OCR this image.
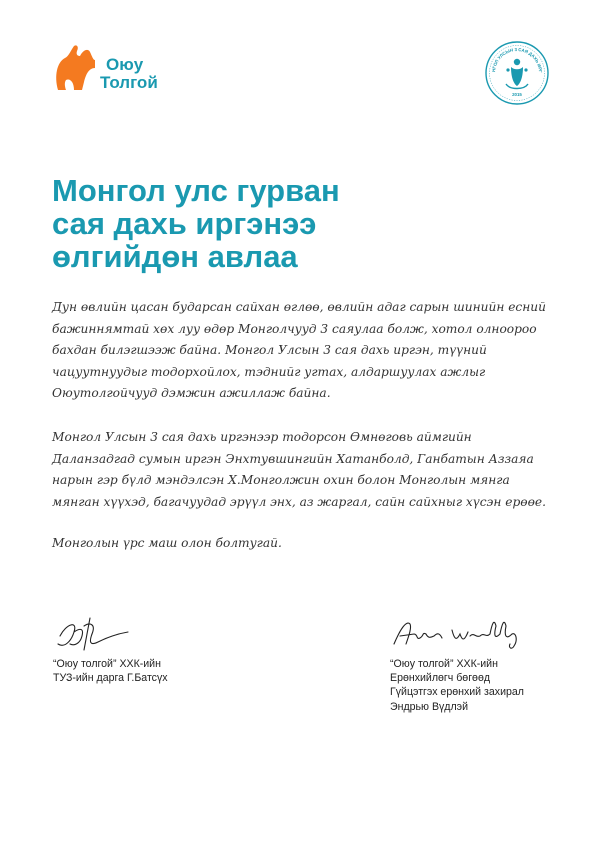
Оюу
Толгой
НГОЛ УЛСЫН 3 САЯ ДАХЬ ИРГ
2015
Монгол улс гурван
сая дахь иргэнээ
өлгийдөн авлаа

Дун өвлийн цасан бударсан сайхан өглөө, өвлийн адаг сарын шинийн есний бажиннямтай хөх луу өдөр Монголчууд 3 саяулаа болж, хотол олноороо бахдан билэгшээж байна. Монгол Улсын 3 сая дахь иргэн, түүний чацуутнуудыг тодорхойлох, тэднийг угтах, алдаршуулах ажлыг Оюутолгойчууд дэмжин ажиллаж байна.

Монгол Улсын 3 сая дахь иргэнээр тодорсон Өмнөговь аймгийн Даланзадгад сумын иргэн Энхтувшингийн Хатанболд, Ганбатын Аззаяа нарын гэр бүлд мэндэлсэн Х.Монголжин охин болон Монголын мянга мянган хүүхэд, багачуудад эрүүл энх, аз жаргал, сайн сайхныг хүсэн ерөөе.

Монголын үрс маш олон болтугай.

“Оюу толгой” ХХК-ийн
ТУЗ-ийн дарга Г.Батсүх
“Оюу толгой” ХХК-ийн
Ерөнхийлөгч бөгөөд
Гүйцэтгэх ерөнхий захирал
Эндрью Вүдлэй
